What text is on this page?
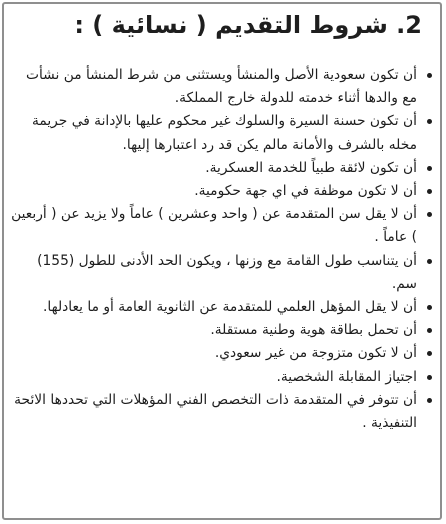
2. شروط التقديم ( نسائية ) :
أن تكون سعودية الأصل والمنشأ ويستثنى من شرط المنشأ من نشأت مع والدها أثناء خدمته للدولة خارج المملكة.
أن تكون حسنة السيرة والسلوك غير محكوم عليها بالإدانة في جريمة مخله بالشرف والأمانة مالم يكن قد رد اعتبارها إليها.
أن تكون لائقة طبياً للخدمة العسكرية.
أن لا تكون موظفة في اي جهة حكومية.
أن لا يقل سن المتقدمة عن ( واحد وعشرين ) عاماً ولا يزيد عن ( أربعين ) عاماً .
أن يتناسب طول القامة مع وزنها ، ويكون الحد الأدنى للطول (155) سم.
أن لا يقل المؤهل العلمي للمتقدمة عن الثانوية العامة أو ما يعادلها.
أن تحمل بطاقة هوية وطنية مستقلة.
أن لا تكون متزوجة من غير سعودي.
اجتياز المقابلة الشخصية.
أن تتوفر في المتقدمة ذات التخصص الفني المؤهلات التي تحددها الائحة التنفيذية .
